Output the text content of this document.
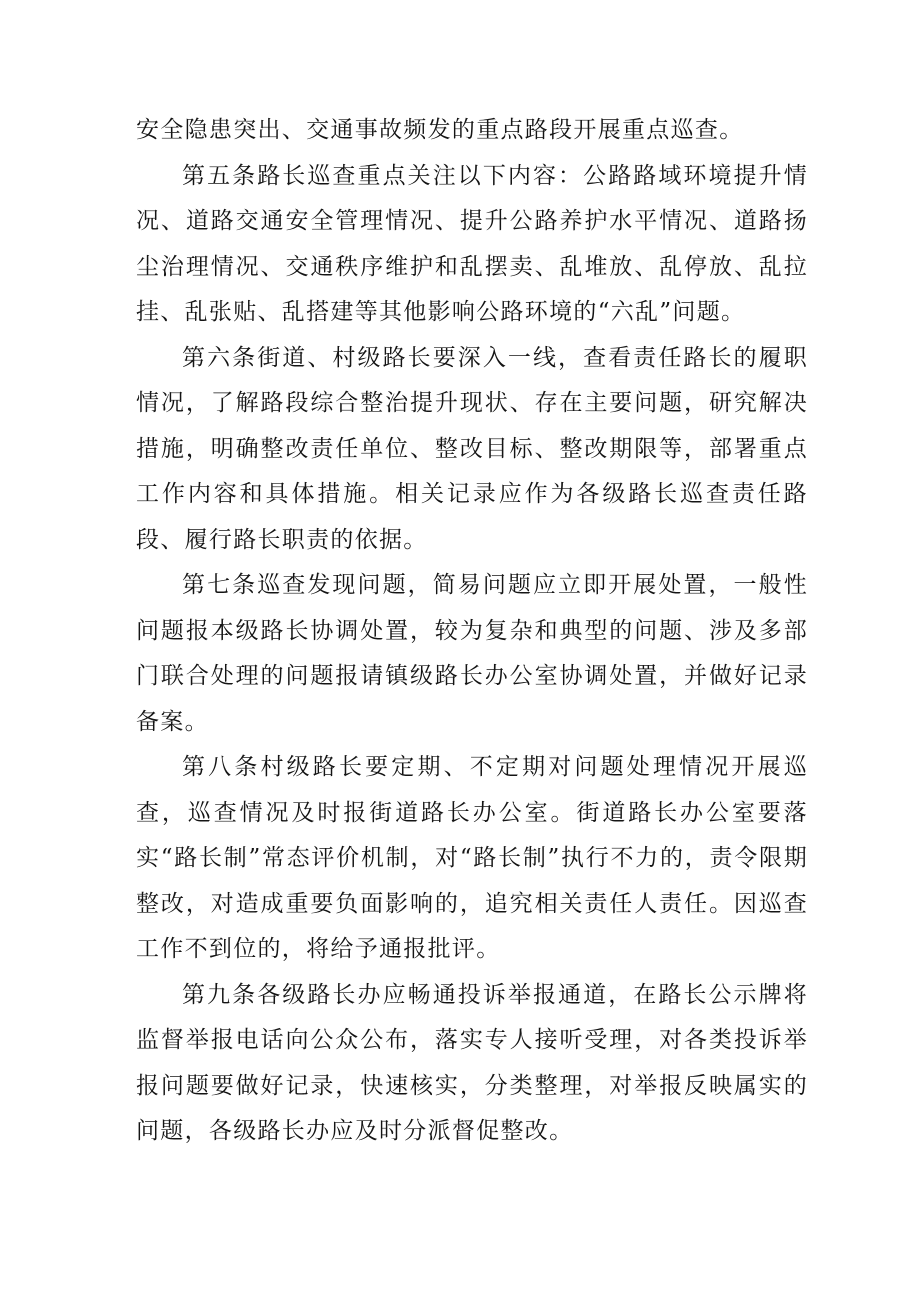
安全隐患突出、交通事故频发的重点路段开展重点巡查。

第五条路长巡查重点关注以下内容：公路路域环境提升情况、道路交通安全管理情况、提升公路养护水平情况、道路扬尘治理情况、交通秩序维护和乱摆卖、乱堆放、乱停放、乱拉挂、乱张贴、乱搭建等其他影响公路环境的“六乱”问题。

第六条街道、村级路长要深入一线，查看责任路长的履职情况，了解路段综合整治提升现状、存在主要问题，研究解决措施，明确整改责任单位、整改目标、整改期限等，部署重点工作内容和具体措施。相关记录应作为各级路长巡查责任路段、履行路长职责的依据。

第七条巡查发现问题，简易问题应立即开展处置，一般性问题报本级路长协调处置，较为复杂和典型的问题、涉及多部门联合处理的问题报请镇级路长办公室协调处置，并做好记录备案。

第八条村级路长要定期、不定期对问题处理情况开展巡查，巡查情况及时报街道路长办公室。街道路长办公室要落实“路长制”常态评价机制，对“路长制”执行不力的，责令限期整改，对造成重要负面影响的，追究相关责任人责任。因巡查工作不到位的，将给予通报批评。

第九条各级路长办应畅通投诉举报通道，在路长公示牌将监督举报电话向公众公布，落实专人接听受理，对各类投诉举报问题要做好记录，快速核实，分类整理，对举报反映属实的问题，各级路长办应及时分派督促整改。
